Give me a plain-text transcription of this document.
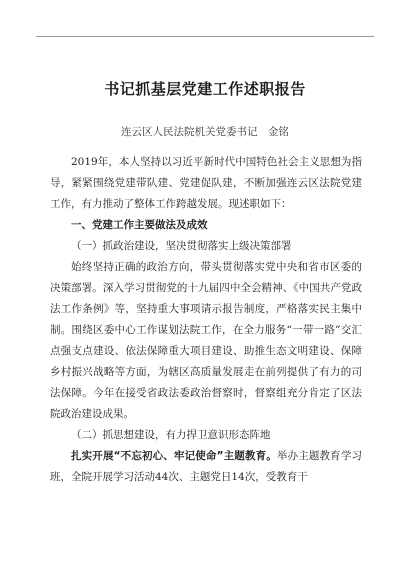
书记抓基层党建工作述职报告
连云区人民法院机关党委书记　金铭

2019年，本人坚持以习近平新时代中国特色社会主义思想为指导，紧紧围绕党建带队建、党建促队建，不断加强连云区法院党建工作，有力推动了整体工作跨越发展。现述职如下：

一、党建工作主要做法及成效

（一）抓政治建设，坚决贯彻落实上级决策部署

始终坚持正确的政治方向，带头贯彻落实党中央和省市区委的决策部署。深入学习贯彻党的十九届四中全会精神、《中国共产党政法工作条例》等，坚持重大事项请示报告制度，严格落实民主集中制。围绕区委中心工作谋划法院工作，在全力服务“一带一路”交汇点强支点建设、依法保障重大项目建设、助推生态文明建设、保障乡村振兴战略等方面，为辖区高质量发展走在前列提供了有力的司法保障。今年在接受省政法委政治督察时，督察组充分肯定了区法院政治建设成果。

（二）抓思想建设，有力捍卫意识形态阵地

扎实开展“不忘初心、牢记使命”主题教育。举办主题教育学习班，全院开展学习活动44次、主题党日14次，受教育干
